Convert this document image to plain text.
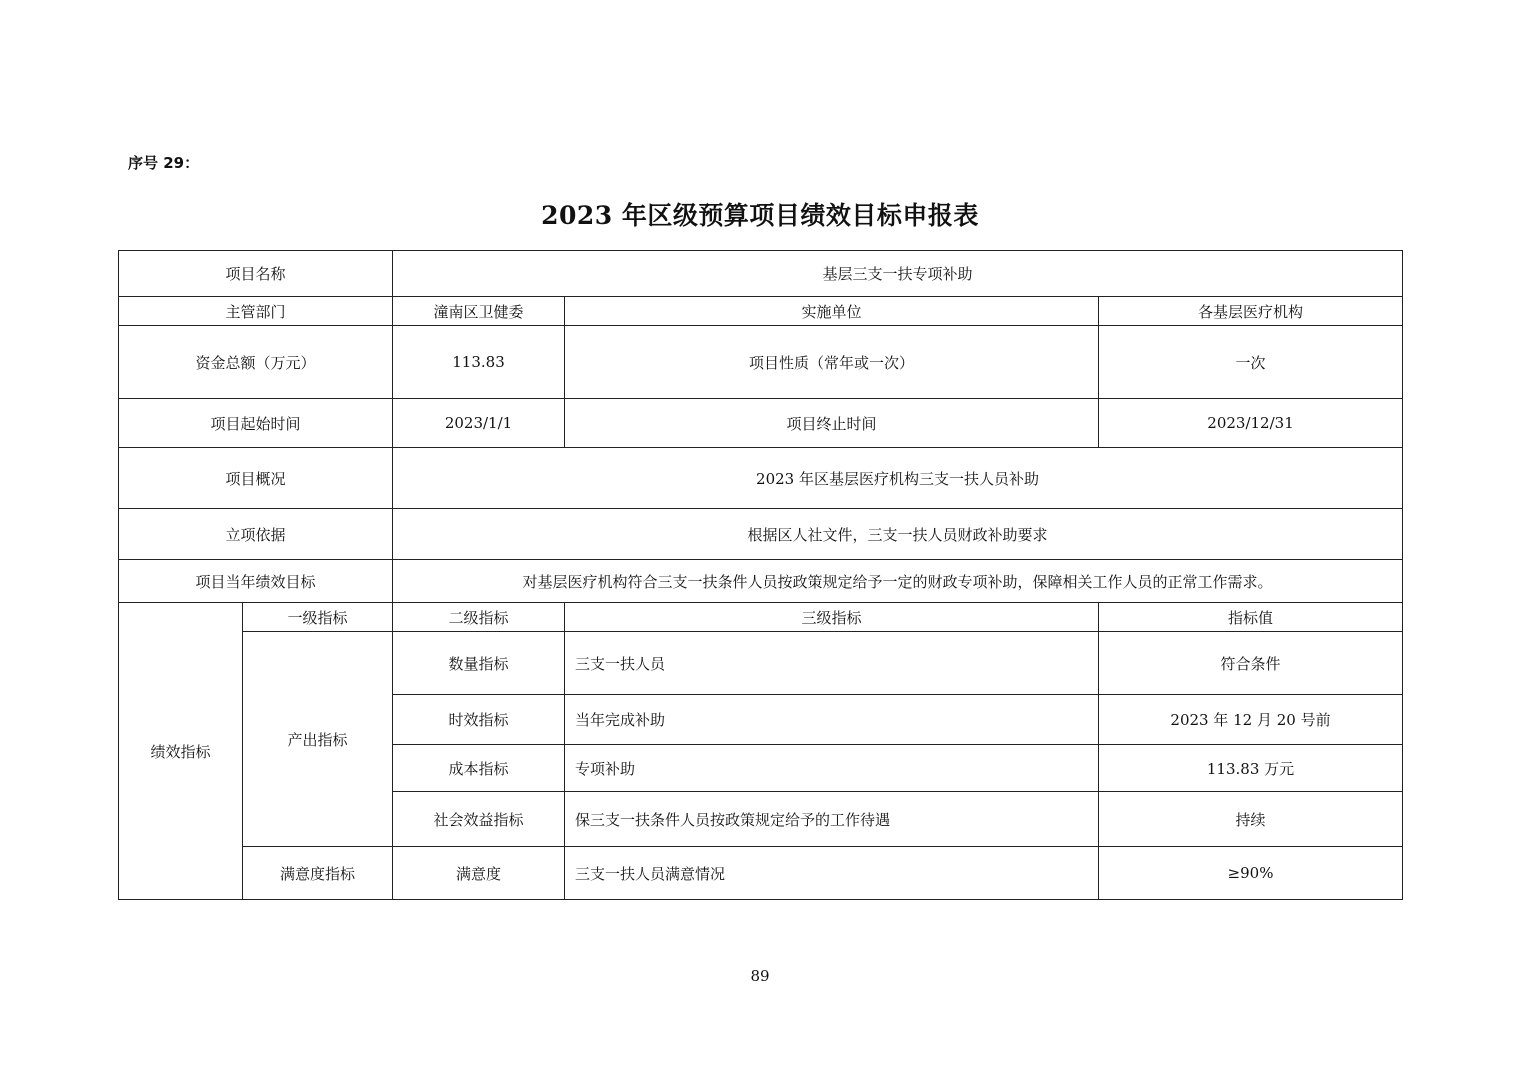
序号 29：
2023 年区级预算项目绩效目标申报表
项目名称		基层三支一扶专项补助		
主管部门		潼南区卫健委	实施单位	各基层医疗机构
资金总额（万元）		113.83	项目性质（常年或一次）	一次
项目起始时间		2023/1/1	项目终止时间	2023/12/31
项目概况		2023 年区基层医疗机构三支一扶人员补助		
立项依据		根据区人社文件，三支一扶人员财政补助要求		
项目当年绩效目标		对基层医疗机构符合三支一扶条件人员按政策规定给予一定的财政专项补助，保障相关工作人员的正常工作需求。		
绩效指标	一级指标	二级指标	三级指标	指标值
	产出指标	数量指标	三支一扶人员	符合条件
		时效指标	当年完成补助	2023 年 12 月 20 号前
		成本指标	专项补助	113.83 万元
		社会效益指标	保三支一扶条件人员按政策规定给予的工作待遇	持续
	满意度指标	满意度	三支一扶人员满意情况	≥90%
89
